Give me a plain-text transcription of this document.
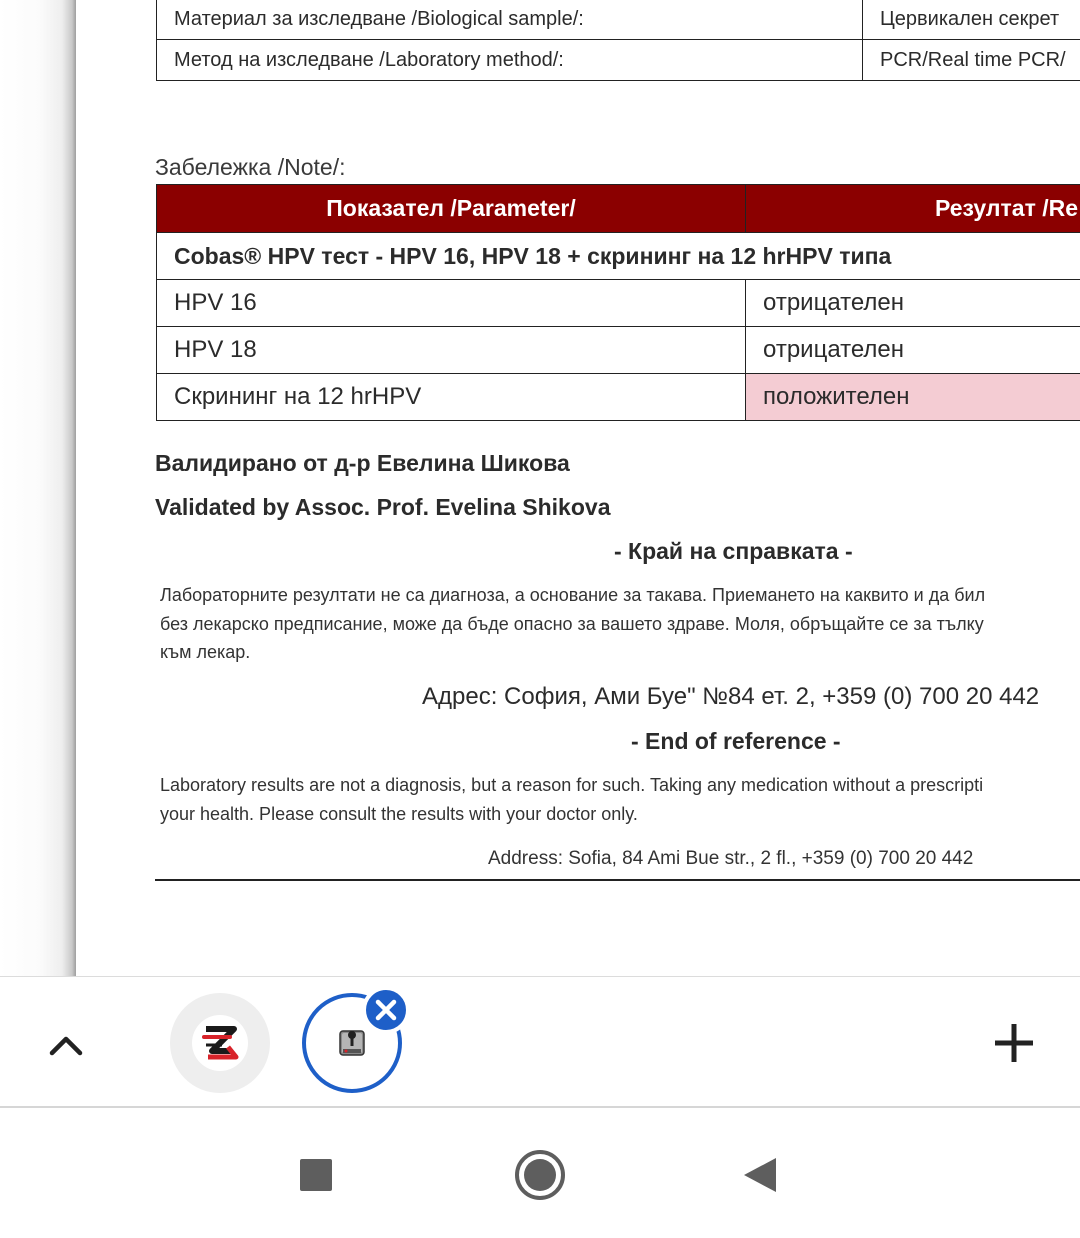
Материал за изследване /Biological sample/:	Цервикален секрет
Метод на изследване /Laboratory method/:	PCR/Real time PCR/
Забележка /Note/:
Показател /Parameter/	Резултат /Re
Cobas® HPV тест - HPV 16, HPV 18 + скрининг на 12 hrHPV типа	
HPV 16	отрицателен
HPV 18	отрицателен
Скрининг на 12 hrHPV	положителен
Валидирано от д-р Евелина Шикова
Validated by Assoc. Prof. Evelina Shikova
- Край на справката -
Лабораторните резултати не са диагноза, а основание за такава. Приемането на каквито и да бил
без лекарско предписание, може да бъде опасно за вашето здраве. Моля, обръщайте се за тълку
към лекар.
Адрес: София, Ами Буе" №84 ет. 2, +359 (0) 700 20 442
- End of reference -
Laboratory results are not a diagnosis, but a reason for such. Taking any medication without a prescripti
your health. Please consult the results with your doctor only.
Address: Sofia, 84 Ami Bue str., 2 fl., +359 (0) 700 20 442
